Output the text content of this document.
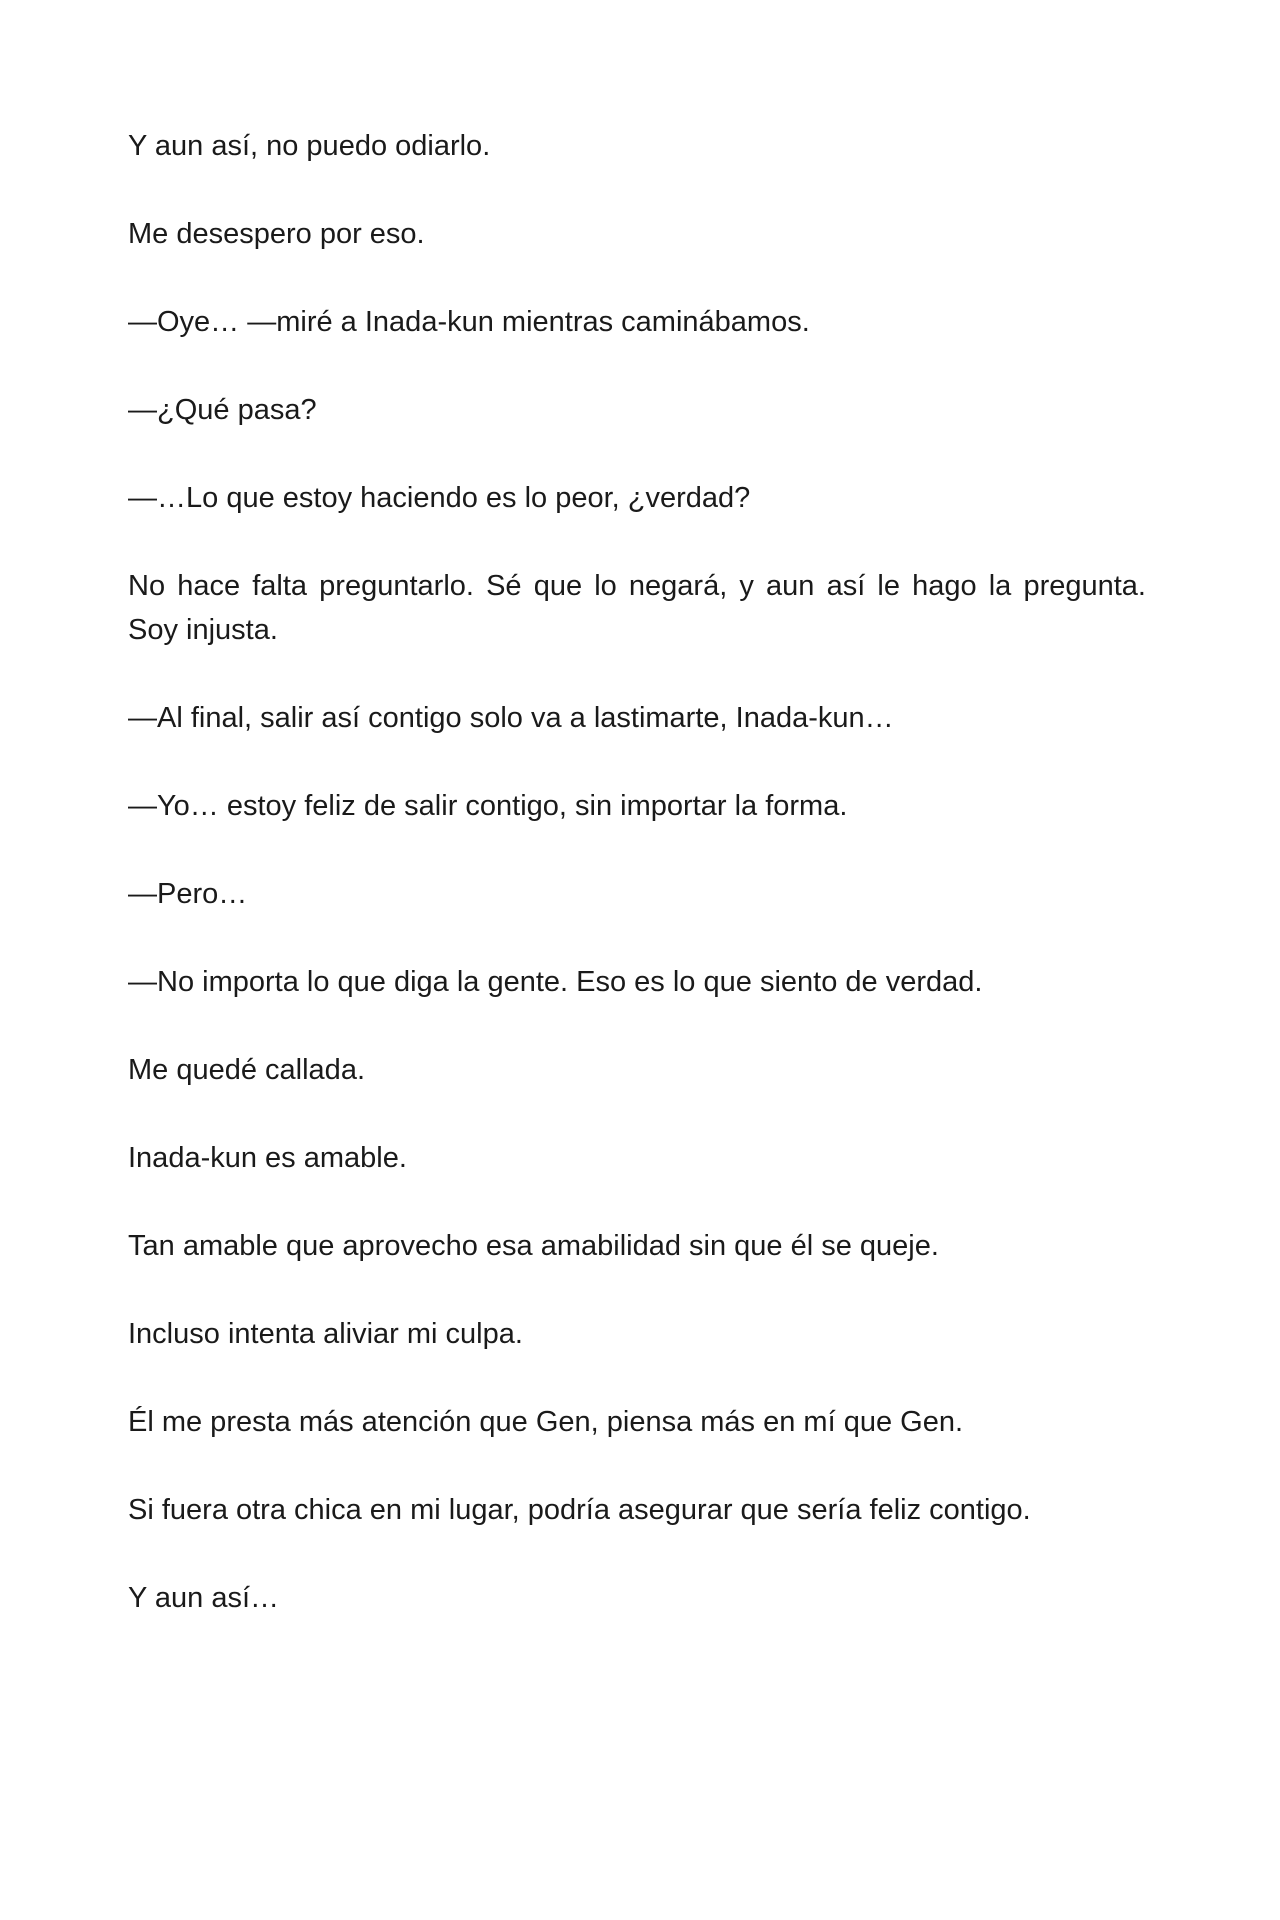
Y aun así, no puedo odiarlo.

Me desespero por eso.

—Oye… —miré a Inada-kun mientras caminábamos.

—¿Qué pasa?

—…Lo que estoy haciendo es lo peor, ¿verdad?

No hace falta preguntarlo. Sé que lo negará, y aun así le hago la pregunta. Soy injusta.

—Al final, salir así contigo solo va a lastimarte, Inada-kun…

—Yo… estoy feliz de salir contigo, sin importar la forma.

—Pero…

—No importa lo que diga la gente. Eso es lo que siento de verdad.

Me quedé callada.

Inada-kun es amable.

Tan amable que aprovecho esa amabilidad sin que él se queje.

Incluso intenta aliviar mi culpa.

Él me presta más atención que Gen, piensa más en mí que Gen.

Si fuera otra chica en mi lugar, podría asegurar que sería feliz contigo.

Y aun así…
